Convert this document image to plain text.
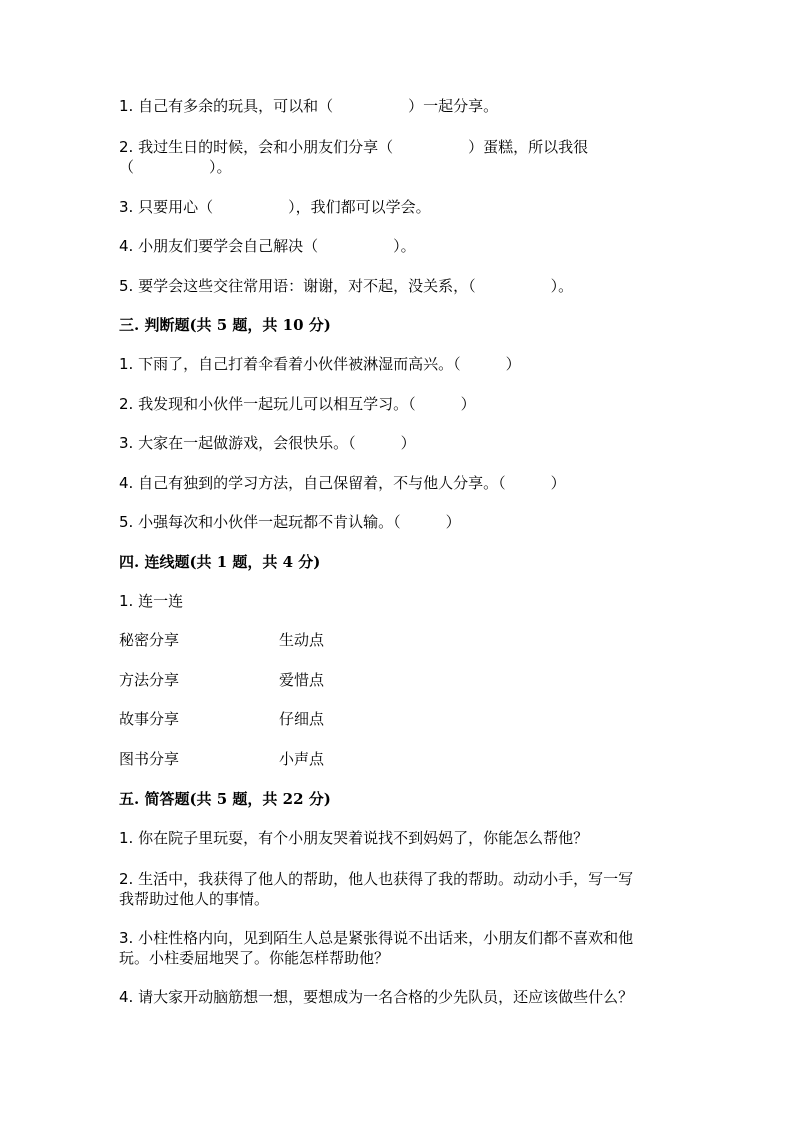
1. 自己有多余的玩具，可以和（　　　　　）一起分享。
2. 我过生日的时候，会和小朋友们分享（　　　　　）蛋糕，所以我很
（　　　　　）。
3. 只要用心（　　　　　），我们都可以学会。
4. 小朋友们要学会自己解决（　　　　　）。
5. 要学会这些交往常用语：谢谢，对不起，没关系，（　　　　　）。
三. 判断题(共 5 题，共 10 分)
1. 下雨了，自己打着伞看着小伙伴被淋湿而高兴。（　　　）
2. 我发现和小伙伴一起玩儿可以相互学习。（　　　）
3. 大家在一起做游戏，会很快乐。（　　　）
4. 自己有独到的学习方法，自己保留着，不与他人分享。（　　　）
5. 小强每次和小伙伴一起玩都不肯认输。（　　　）
四. 连线题(共 1 题，共 4 分)
1. 连一连
秘密分享	生动点
方法分享	爱惜点
故事分享	仔细点
图书分享	小声点
五. 简答题(共 5 题，共 22 分)
1. 你在院子里玩耍，有个小朋友哭着说找不到妈妈了，你能怎么帮他？
2. 生活中，我获得了他人的帮助，他人也获得了我的帮助。动动小手，写一写
我帮助过他人的事情。
3. 小柱性格内向，见到陌生人总是紧张得说不出话来，小朋友们都不喜欢和他
玩。小柱委屈地哭了。你能怎样帮助他？
4. 请大家开动脑筋想一想，要想成为一名合格的少先队员，还应该做些什么？
